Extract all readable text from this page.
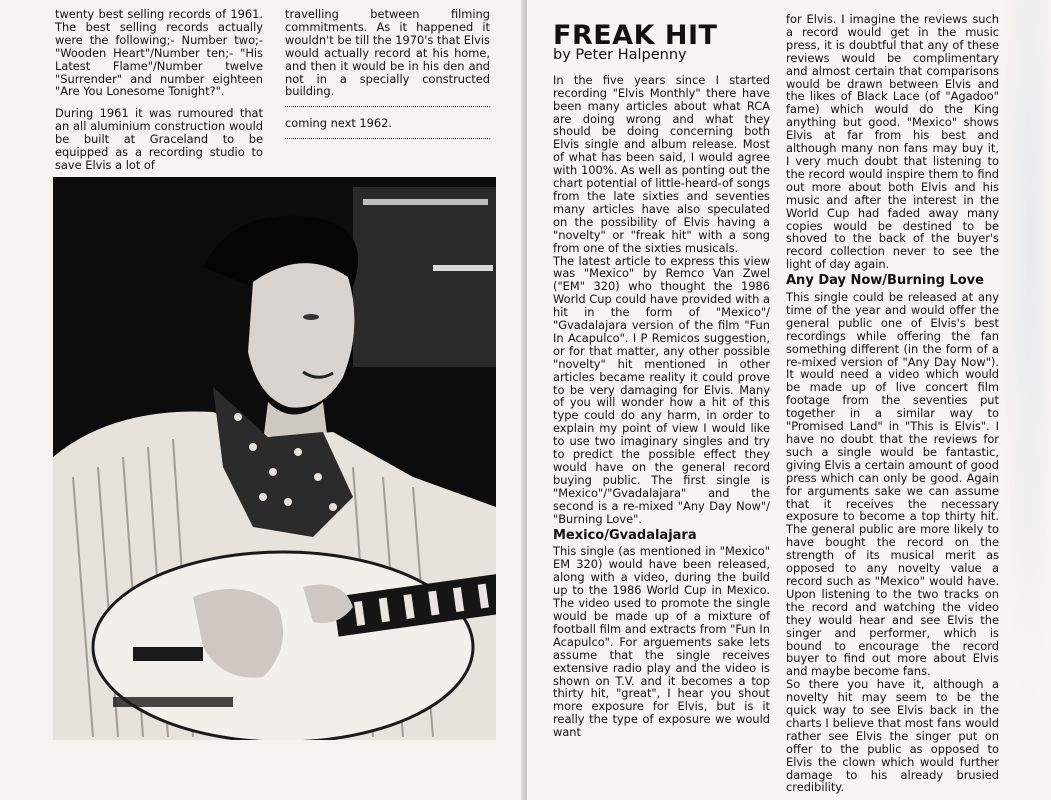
twenty best selling records of 1961. The best selling records actually were the following;- Number two;- "Wooden Heart"/Number ten;- "His Latest Flame"/Number twelve "Surrender" and number eighteen "Are You Lonesome Tonight?".

During 1961 it was rumoured that an all aluminium construction would be built at Graceland to be equipped as a recording studio to save Elvis a lot of

travelling between filming commitments. As it happened it wouldn't be till the 1970's that Elvis would actually record at his home, and then it would be in his den and not in a specially constructed building.

coming next 1962.

FREAK HIT
by Peter Halpenny

In the five years since I started recording "Elvis Monthly" there have been many articles about what RCA are doing wrong and what they should be doing concerning both Elvis single and album release. Most of what has been said, I would agree with 100%. As well as ponting out the chart potential of little-heard-of songs from the late sixties and seventies many articles have also speculated on the possibility of Elvis having a "novelty" or "freak hit" with a song from one of the sixties musicals.

The latest article to express this view was "Mexico" by Remco Van Zwel ("EM" 320) who thought the 1986 World Cup could have provided with a hit in the form of "Mexico"/ "Gvadalajara version of the film "Fun In Acapulco". I P Remicos suggestion, or for that matter, any other possible "novelty" hit mentioned in other articles became reality it could prove to be very damaging for Elvis. Many of you will wonder how a hit of this type could do any harm, in order to explain my point of view I would like to use two imaginary singles and try to predict the possible effect they would have on the general record buying public. The first single is "Mexico"/"Gvadalajara" and the second is a re-mixed "Any Day Now"/ "Burning Love".

Mexico/Gvadalajara

This single (as mentioned in "Mexico" EM 320) would have been released, along with a video, during the build up to the 1986 World Cup in Mexico. The video used to promote the single would be made up of a mixture of football film and extracts from "Fun In Acapulco". For arguements sake lets assume that the single receives extensive radio play and the video is shown on T.V. and it becomes a top thirty hit, "great", I hear you shout more exposure for Elvis, but is it really the type of exposure we would want

for Elvis. I imagine the reviews such a record would get in the music press, it is doubtful that any of these reviews would be complimentary and almost certain that comparisons would be drawn between Elvis and the likes of Black Lace (of "Agadoo" fame) which would do the King anything but good. "Mexico" shows Elvis at far from his best and although many non fans may buy it, I very much doubt that listening to the record would inspire them to find out more about both Elvis and his music and after the interest in the World Cup had faded away many copies would be destined to be shoved to the back of the buyer's record collection never to see the light of day again.

Any Day Now/Burning Love

This single could be released at any time of the year and would offer the general public one of Elvis's best recordings while offering the fan something different (in the form of a re-mixed version of "Any Day Now"). It would need a video which would be made up of live concert film footage from the seventies put together in a similar way to "Promised Land" in "This is Elvis". I have no doubt that the reviews for such a single would be fantastic, giving Elvis a certain amount of good press which can only be good. Again for arguments sake we can assume that it receives the necessary exposure to become a top thirty hit. The general public are more likely to have bought the record on the strength of its musical merit as opposed to any novelty value a record such as "Mexico" would have. Upon listening to the two tracks on the record and watching the video they would hear and see Elvis the singer and performer, which is bound to encourage the record buyer to find out more about Elvis and maybe become fans.

So there you have it, although a novelty hit may seem to be the quick way to see Elvis back in the charts I believe that most fans would rather see Elvis the singer put on offer to the public as opposed to Elvis the clown which would further damage to his already brusied credibility.
